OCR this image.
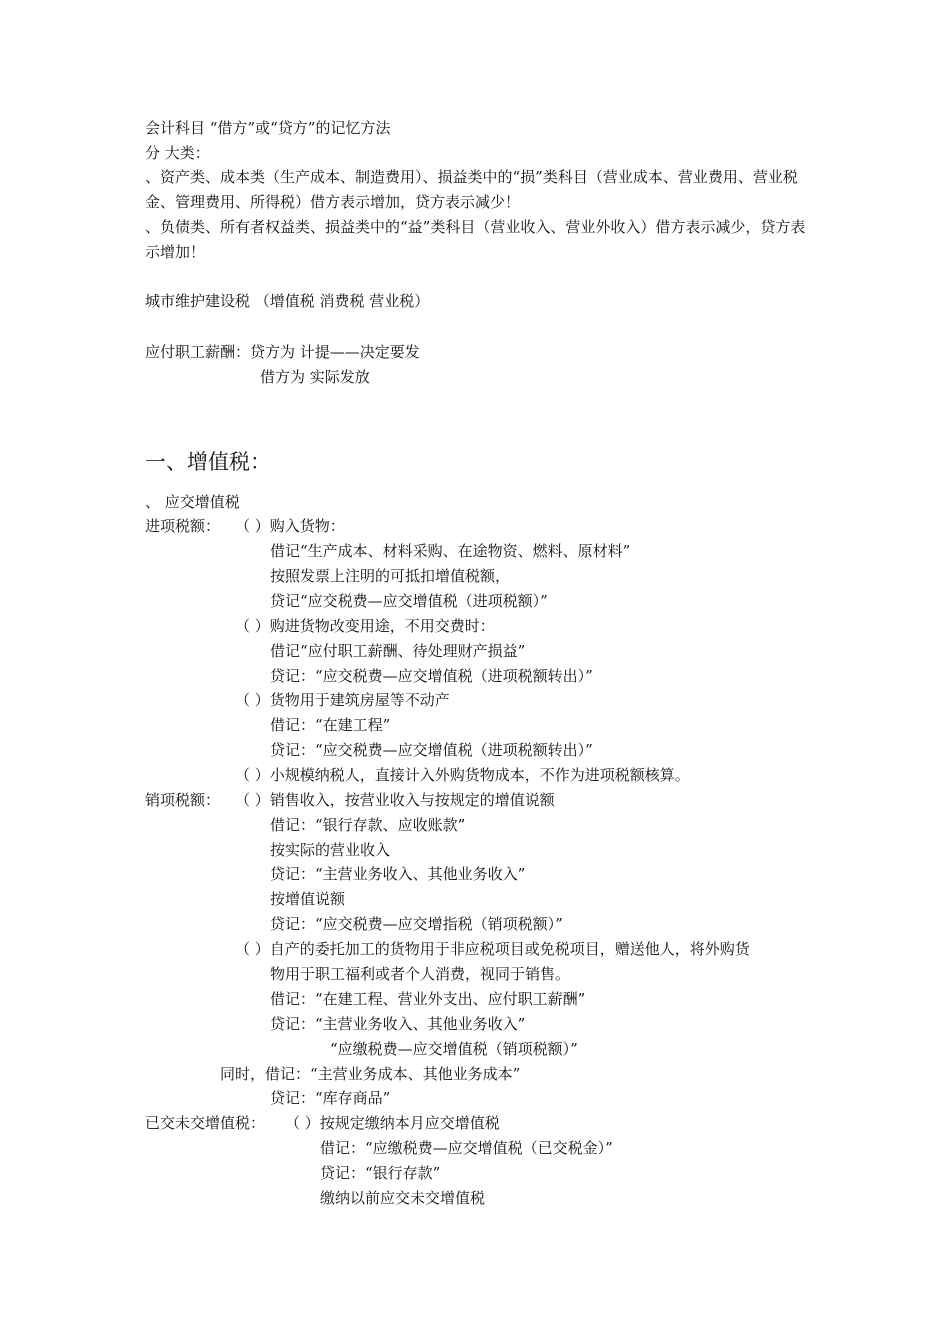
会计科目 “借方”或“贷方”的记忆方法
分 大类：
、资产类、成本类（生产成本、制造费用）、损益类中的“损”类科目（营业成本、营业费用、营业税金、管理费用、所得税）借方表示增加，贷方表示减少！
、负债类、所有者权益类、损益类中的“益”类科目（营业收入、营业外收入）借方表示减少，贷方表示增加！
城市维护建设税 （增值税 消费税 营业税）
应付职工薪酬：贷方为 计提——决定要发
借方为 实际发放
一、增值税：
、 应交增值税
进项税额： （ ）购入货物：
借记“生产成本、材料采购、在途物资、燃料、原材料”
按照发票上注明的可抵扣增值税额，
贷记“应交税费—应交增值税（进项税额）”
（ ）购进货物改变用途，不用交费时：
借记“应付职工薪酬、待处理财产损益”
贷记：“应交税费—应交增值税（进项税额转出）”
（ ）货物用于建筑房屋等不动产
借记：“在建工程”
贷记：“应交税费—应交增值税（进项税额转出）”
（ ）小规模纳税人，直接计入外购货物成本，不作为进项税额核算。
销项税额： （ ）销售收入，按营业收入与按规定的增值说额
借记：“银行存款、应收账款”
按实际的营业收入
贷记：“主营业务收入、其他业务收入”
按增值说额
贷记：“应交税费—应交增指税（销项税额）”
（ ）自产的委托加工的货物用于非应税项目或免税项目，赠送他人，将外购货
物用于职工福利或者个人消费，视同于销售。
借记：“在建工程、营业外支出、应付职工薪酬”
贷记：“主营业务收入、其他业务收入”
“应缴税费—应交增值税（销项税额）”
同时，借记：“主营业务成本、其他业务成本”
贷记：“库存商品”
已交未交增值税： （ ）按规定缴纳本月应交增值税
借记：“应缴税费—应交增值税（已交税金）”
贷记：“银行存款”
缴纳以前应交未交增值税
